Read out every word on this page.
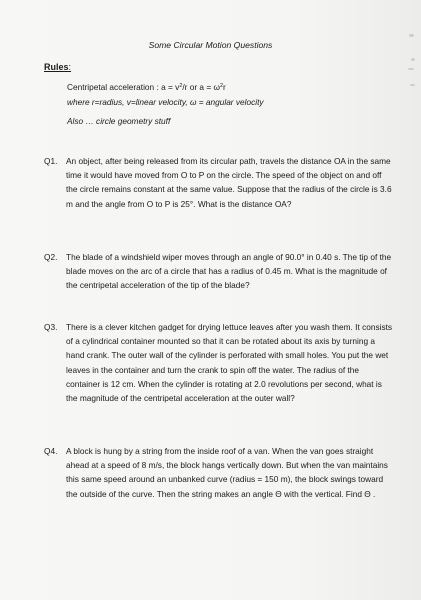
Some Circular Motion Questions
Rules:
Centripetal acceleration : $a = v^2/r$ or $a = \omega^2r$
where r=radius, v=linear velocity, ω = angular velocity
Also … circle geometry stuff
Q1.	An object, after being released from its circular path, travels the distance OA in the same time it would have moved from O to P on the circle. The speed of the object on and off the circle remains constant at the same value. Suppose that the radius of the circle is 3.6 m and the angle from O to P is 25°. What is the distance OA?
Q2.	The blade of a windshield wiper moves through an angle of 90.0° in 0.40 s. The tip of the blade moves on the arc of a circle that has a radius of 0.45 m. What is the magnitude of the centripetal acceleration of the tip of the blade?
Q3.	There is a clever kitchen gadget for drying lettuce leaves after you wash them. It consists of a cylindrical container mounted so that it can be rotated about its axis by turning a hand crank. The outer wall of the cylinder is perforated with small holes. You put the wet leaves in the container and turn the crank to spin off the water. The radius of the container is 12 cm. When the cylinder is rotating at 2.0 revolutions per second, what is the magnitude of the centripetal acceleration at the outer wall?
Q4.	A block is hung by a string from the inside roof of a van. When the van goes straight ahead at a speed of 8 m/s, the block hangs vertically down. But when the van maintains this same speed around an unbanked curve (radius = 150 m), the block swings toward the outside of the curve. Then the string makes an angle Θ with the vertical. Find Θ .
